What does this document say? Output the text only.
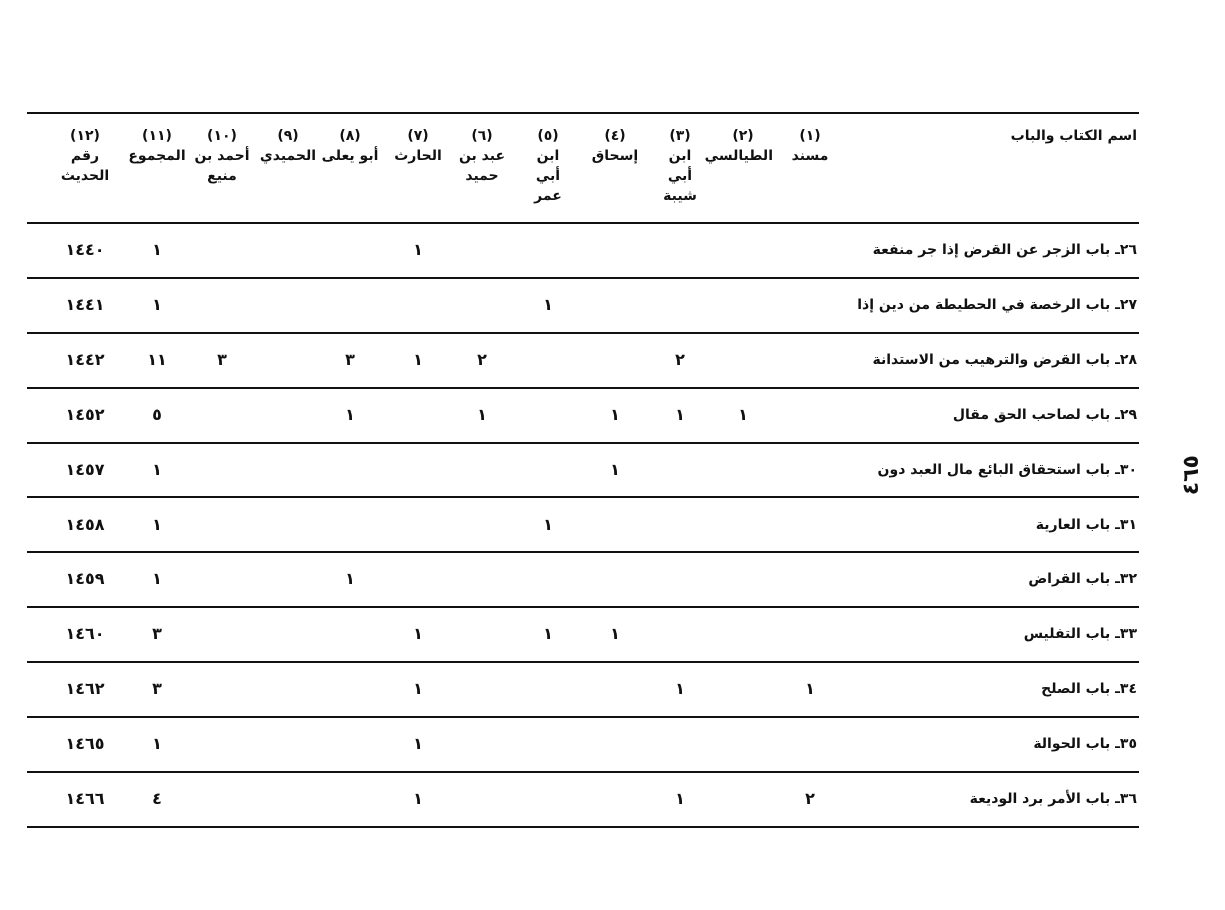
اسم الكتاب والباب
(١)
مسند
(٢)
الطيالسي
(٣)
ابن أبي شيبة
(٤)
إسحاق
(٥)
ابن أبي عمر
(٦)
عبد بن حميد
(٧)
الحارث
(٨)
أبو يعلى
(٩)
الحميدي
(١٠)
أحمد بن منيع
(١١)
المجموع
(١٢)
رقم الحديث
٢٦ـ باب الزجر عن القرض إذا جر منفعة
١
١
١٤٤٠
٢٧ـ باب الرخصة في الحطيطة من دين إذا
١
١
١٤٤١
٢٨ـ باب القرض والترهيب من الاستدانة
٢
٢
١
٣
٣
١١
١٤٤٢
٢٩ـ باب لصاحب الحق مقال
١
١
١
١
١
٥
١٤٥٢
٣٠ـ باب استحقاق البائع مال العبد دون
١
١
١٤٥٧
٣١ـ باب العارية
١
١
١٤٥٨
٣٢ـ باب القراض
١
١
١٤٥٩
٣٣ـ باب التفليس
١
١
١
٣
١٤٦٠
٣٤ـ باب الصلح
١
١
١
٣
١٤٦٢
٣٥ـ باب الحوالة
١
١
١٤٦٥
٣٦ـ باب الأمر برد الوديعة
٢
١
١
٤
١٤٦٦
٤٦٥
